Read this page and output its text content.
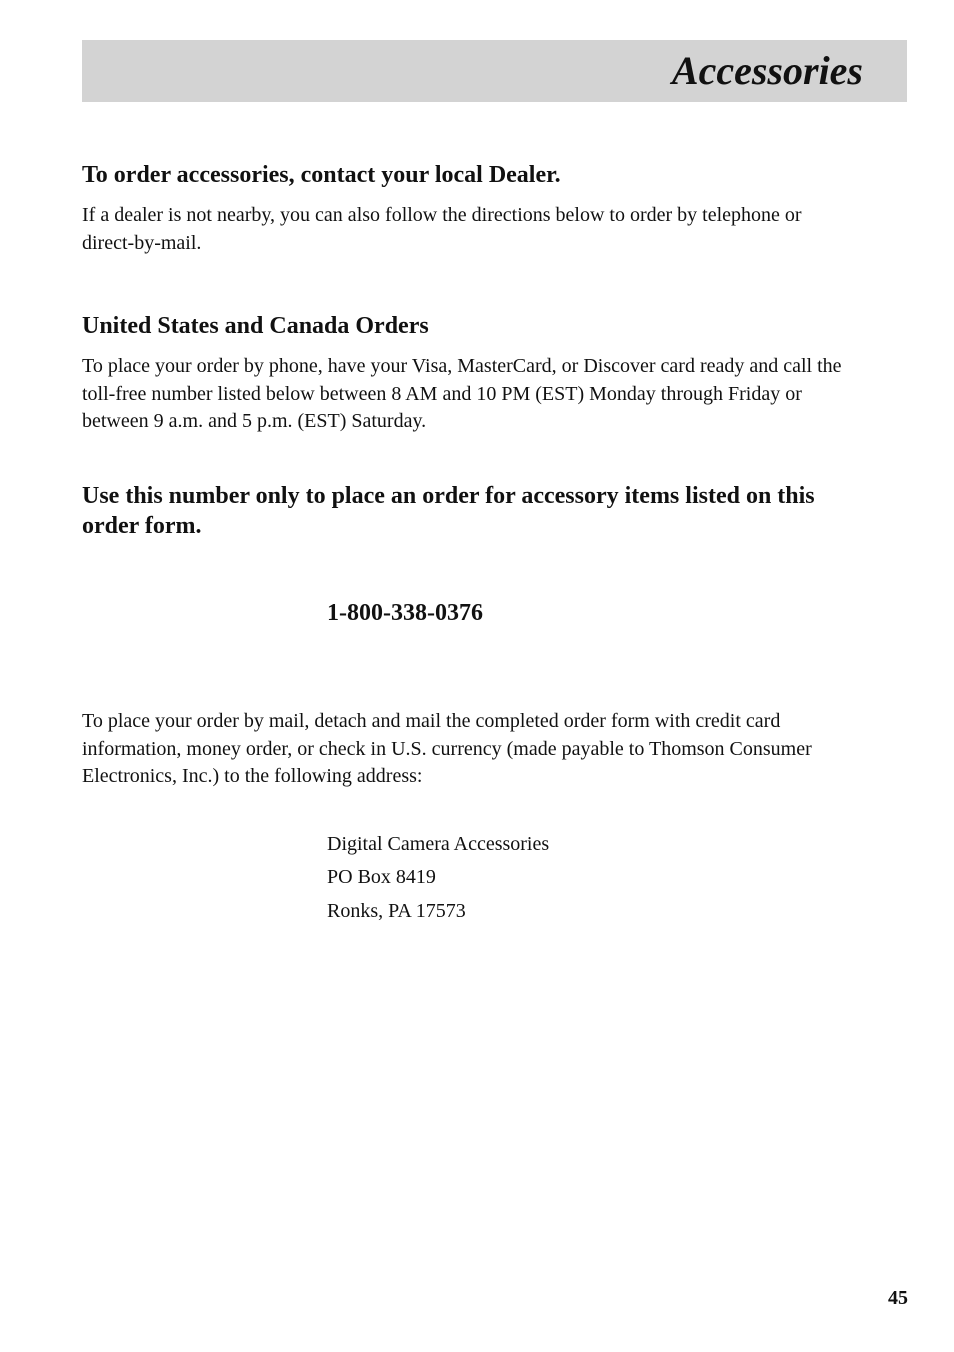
Accessories
To order accessories, contact your local Dealer.

If a dealer is not nearby, you can also follow the directions below to order by telephone or direct-by-mail.

United States and Canada Orders

To place your order by phone, have your Visa, MasterCard, or Discover card ready and call the toll-free number listed below between 8 AM and 10 PM (EST) Monday through Friday or between 9 a.m. and 5 p.m. (EST) Saturday.

Use this number only to place an order for accessory items listed on this order form.

1-800-338-0376

To place your order by mail, detach and mail the completed order form with credit card information, money order, or check in U.S. currency (made payable to Thomson Consumer Electronics, Inc.) to the following address:

Digital Camera Accessories

PO Box 8419

Ronks, PA 17573

45
